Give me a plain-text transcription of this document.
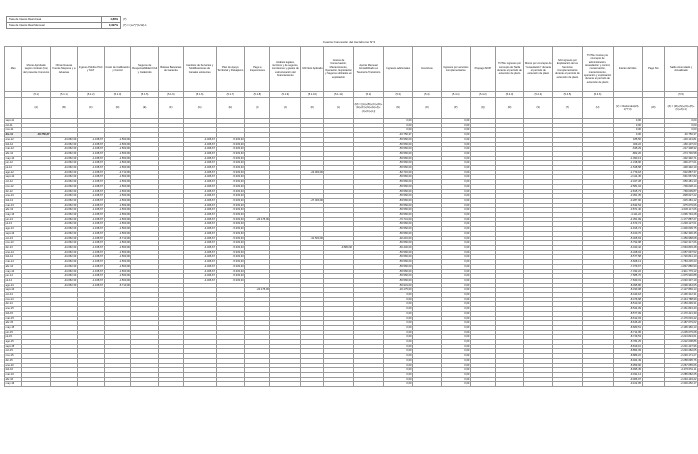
Tasa de Interés Real Anual	4,88%	(i*)
Tasa de Interés Real Mensual	0,397%	(i*) = (1+i*)^(1/12)-1
Cuenta Concesión del Aeródromo N°2
Mes	Monto Aprobado según contrato (Ca) del presente Convenio	Obras Nuevas Fuente Mayores y a Aduanas	Ingreso Público PAC y SGT	Costo de Calificación y Control	Seguros de Responsabilidad Civil y Catástrofe	Boletas Bancarias de Garantía	Cambios de Servicios y Modificaciones de Canales existentes	Plan de Apoyo Territorial y Paisajismo	Pago a Inspecciones	Análisis legales, técnicos y de seguros, comisiones y gastos de estructuración del financiamiento	IVA Neto Aplicado	Costos de Conservación, Mantenimiento, Operación, Explotación y Seguros utilizados en explotación	Aporte Mensual Contabilizado en Tesorería Transitorio	Ingresos adicionales	Incentivos	Ingresos por servicios complementarios	Prepago MOP	TOTAL ingresos por concepto de Tarifa durante el período de extensión de plazo	Monto por concepto de "recaudación" durante el período de extensión de plazo	IVA Ingresos por Explotación de los Servicios Complementarios durante el período de extensión de plazo	TOTAL Costos por concepto de administración, recaudación y control, conservación, mantenimiento, operación y explotación durante el período de extensión de plazo	Interés del Mes	Pago SG	Saldo Acumulado y Actualizado
	(5.1)	(5.1.1)	(5.1.2)	(5.1.3)	(5.1.5)	(5.1.6)	(5.1.6)	(5.1.7)	(5.1.8)	(5.1.9)	(5.1.10)	(5.1.11)	(5.2)	(5.3)	(5.4)	(5.4.1)	(5.4.2)	(5.4.3)	(5.4.4)	(5.4.5)	(5.4.6)			(5.5)
	(A)	(B)	(C)	(D)	(E)	(F)	(G)	(H)	(I)	(J)	(K)	(L)	(M) = [(A)+(B)+(C)+(D)+(E)+(F)+(G)+(H)+(I)+(J)+(K)+(L)]	(N)	(O)	(P)	(Q)	(R)	(S)	(T)	(U)	(V) = Redondeo(Z(t-1)*i*,0)	(W)	(Z) = (M)+(N)+(O)+(P)+(V)+Z(t-1)
sept-11														0,00		0,00						0,00		0,00
oct-11														0,00		0,00						0,00		0,00
nov-11														0,00		0,00						0,00		0,00
dic-11	-46.750,37													-46.750,37		0,00						0,00		-46.750,37
ene-12		-44.052,33	-1.168,67	-1.560,00			-4.466,67	-5.333,33						-56.566,00		0,00						185,56		-103.131,81
feb-12		-44.052,33	-1.168,67	-1.560,00			-4.466,67	-5.333,33						-56.566,00		0,00						409,22		-160.107,03
mar-12		-44.052,33	-1.168,67	-1.560,00			-4.466,67	-5.333,33						-56.566,00		0,00						-635,29		-217.308,32
abr-12		-44.052,33	-1.168,67	-1.560,00			-4.466,67	-5.333,33						-56.566,00		0,00						-862,26		-274.736,58
may-12		-44.052,33	-1.168,67	-1.560,00			-4.466,67	-5.333,33						-56.566,00		0,00						-1.090,13		-332.392,71
jun-12		-44.052,33	-1.168,67	-1.560,00			-4.466,67	-5.333,33						-56.566,00		0,00						-1.318,90		-390.277,61
jul-12		-44.052,33	-1.168,67	-1.560,00			-4.466,67	-5.333,33						-56.566,00		0,00						-1.548,58		-448.392,19
ago-12		-44.052,33	-1.168,67	-4.710,00			-4.466,67	-5.333,33			-22.900,00			-82.716,00		0,00						-1.779,18		-532.887,37
sept-12		-44.052,33	-1.168,67	-1.560,00			-4.466,67	-5.333,33						-56.566,00		0,00						-2.114,45		-591.567,82
oct-12		-44.052,33	-1.168,67	-1.560,00			-4.466,67	-5.333,33						-56.566,00		0,00						-2.347,28		-650.481,10
nov-12		-44.052,33	-1.168,67	-1.560,00			-4.466,67	-5.333,33						-56.566,00		0,00						-2.581,04		-709.628,14
dic-12		-44.052,33	-1.168,67	-1.560,00			-4.466,67	-5.333,33						-56.566,00		0,00						-2.815,73		-769.009,87
ene-13		-44.052,33	-1.168,67	-1.560,00			-4.466,67	-5.333,33						-56.566,00		0,00						-3.051,35		-828.627,22
feb-13		-44.052,33	-1.168,67	-1.560,00			-4.466,67	-5.333,33			-27.000,00			-83.566,00		0,00						-3.287,90		-915.481,12
mar-13		-44.052,33	-1.168,67	-1.560,00			-4.466,67	-5.333,33						-56.566,00		0,00						-3.632,54		-975.679,66
abr-13		-44.052,33	-1.168,67	-1.560,00			-4.466,67	-5.333,33						-56.566,00		0,00						-3.871,40		-1.036.117,06
may-13		-44.052,33	-1.168,67	-1.560,00			-4.466,67	-5.333,33						-56.566,00		0,00						-4.111,22		-1.096.794,28
jun-13		-44.052,33	-1.168,67	-1.560,00			-4.466,67	-5.333,33	-20.175,00					-76.741,00		0,00						-4.351,99		-1.177.887,27
jul-13		-44.052,33	-1.168,67	-1.560,00			-4.466,67	-5.333,33						-56.566,00		0,00						-4.673,74		-1.239.127,01
ago-13		-44.052,33	-1.168,67	-1.560,00			-4.466,67	-5.333,33						-56.566,00		0,00						-4.916,74		-1.300.609,75
sept-13		-44.052,33	-1.168,67	-1.560,00			-4.466,67	-5.333,33						-56.566,00		0,00						-5.160,70		-1.362.336,45
oct-13		-44.052,33	-1.168,67	-5.710,00			-4.466,67	-5.333,33			-31.500,00			-92.216,00		0,00						-5.405,63		-1.459.958,08
nov-13		-44.052,33	-1.168,67	-1.560,00			-4.466,67	-5.333,33						-56.566,00		0,00						-5.792,98		-1.522.317,06
dic-13		-44.052,33	-1.168,67	-1.560,00			-4.466,67	-5.333,33				-9.880,00		-66.446,00		0,00						-6.040,42		-1.594.803,48
ene-14		-44.052,33	-1.168,67	-1.560,00			-4.466,67	-5.333,33						-56.566,00		0,00						-6.328,04		-1.657.697,52
feb-14		-44.052,33	-1.168,67	-1.560,00			-4.466,67	-5.333,33						-56.566,00		0,00						-6.577,58		-1.720.841,10
mar-14		-44.052,33	-1.168,67	-1.560,00			-4.466,67	-5.333,33						-56.566,00		0,00						-6.828,13		-1.784.235,23
abr-14		-44.052,33	-1.168,67	-1.560,00			-4.466,67	-5.333,33						-56.566,00		0,00						-7.079,67		-1.847.880,90
may-14		-44.052,33	-1.168,67	-1.560,00			-4.466,67	-5.333,33						-56.566,00		0,00						-7.332,22		-1.911.779,12
jun-14		-44.052,33	-1.168,67	-1.560,00			-4.466,67	-5.333,33						-56.566,00		0,00						-7.585,76		-1.975.930,88
jul-14		-44.052,33	-1.168,67	-1.560,00			-4.466,67	-5.333,33						-56.566,00		0,00						-7.840,31		-2.040.337,19
ago-14		-44.052,33	-1.168,67	-5.710,00										-50.931,00		0,00						-8.095,86		-2.099.364,05
sept-14									-20.175,00					-20.175,00		0,00						-8.330,08		-2.127.869,13
oct-14														0,00		0,00						-8.443,18		-2.136.312,31
nov-14														0,00		0,00						-8.476,68		-2.144.788,99
dic-14														0,00		0,00						-8.510,32		-2.153.299,31
ene-15														0,00		0,00						-8.544,09		-2.161.843,40
feb-15														0,00		0,00						-8.577,99		-2.170.421,39
mar-15														0,00		0,00						-8.612,03		-2.179.033,42
abr-15														0,00		0,00						-8.646,20		-2.187.679,62
may-15														0,00		0,00						-8.680,51		-2.196.360,13
jun-15														0,00		0,00						-8.714,95		-2.205.075,08
jul-15														0,00		0,00						-8.749,53		-2.213.824,61
ago-15														0,00		0,00						-8.784,25		-2.222.608,86
sept-15														0,00		0,00						-8.819,10		-2.231.427,96
oct-15														0,00		0,00						-8.854,09		-2.240.282,05
nov-15														0,00		0,00						-8.889,22		-2.249.171,27
dic-15														0,00		0,00						-8.924,49		-2.258.095,76
ene-16														0,00		0,00						-8.959,90		-2.267.055,66
feb-16														0,00		0,00						-8.995,45		-2.276.051,11
mar-16														0,00		0,00						-9.031,14		-2.285.082,25
abr-16														0,00		0,00						-9.066,97		-2.294.149,22
may-16														0,00		0,00						-9.102,95		-2.303.252,17
